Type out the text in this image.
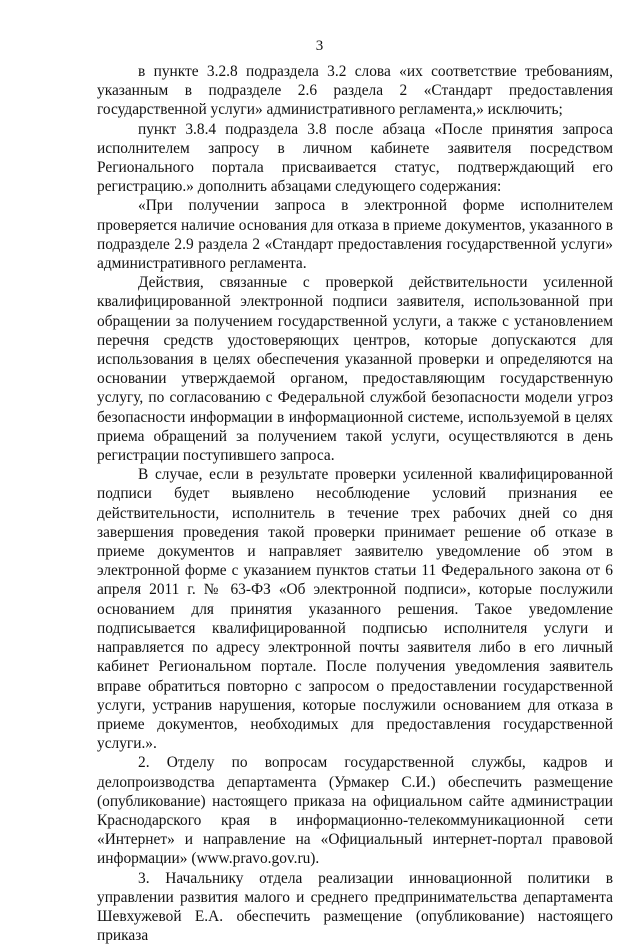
3

в пункте 3.2.8 подраздела 3.2 слова «их соответствие требованиям, указанным в подразделе 2.6 раздела 2 «Стандарт предоставления государственной услуги» административного регламента,» исключить;

пункт 3.8.4 подраздела 3.8 после абзаца «После принятия запроса исполнителем запросу в личном кабинете заявителя посредством Регионального портала присваивается статус, подтверждающий его регистрацию.» дополнить абзацами следующего содержания:

«При получении запроса в электронной форме исполнителем проверяется наличие основания для отказа в приеме документов, указанного в подразделе 2.9 раздела 2 «Стандарт предоставления государственной услуги» административного регламента.

Действия, связанные с проверкой действительности усиленной квалифицированной электронной подписи заявителя, использованной при обращении за получением государственной услуги, а также с установлением перечня средств удостоверяющих центров, которые допускаются для использования в целях обеспечения указанной проверки и определяются на основании утверждаемой органом, предоставляющим государственную услугу, по согласованию с Федеральной службой безопасности модели угроз безопасности информации в информационной системе, используемой в целях приема обращений за получением такой услуги, осуществляются в день регистрации поступившего запроса.

В случае, если в результате проверки усиленной квалифицированной подписи будет выявлено несоблюдение условий признания ее действительности, исполнитель в течение трех рабочих дней со дня завершения проведения такой проверки принимает решение об отказе в приеме документов и направляет заявителю уведомление об этом в электронной форме с указанием пунктов статьи 11 Федерального закона от 6 апреля 2011 г. № 63-ФЗ «Об электронной подписи», которые послужили основанием для принятия указанного решения. Такое уведомление подписывается квалифицированной подписью исполнителя услуги и направляется по адресу электронной почты заявителя либо в его личный кабинет Региональном портале. После получения уведомления заявитель вправе обратиться повторно с запросом о предоставлении государственной услуги, устранив нарушения, которые послужили основанием для отказа в приеме документов, необходимых для предоставления государственной услуги.».

2. Отделу по вопросам государственной службы, кадров и делопроизводства департамента (Урмакер С.И.) обеспечить размещение (опубликование) настоящего приказа на официальном сайте администрации Краснодарского края в информационно-телекоммуникационной сети «Интернет» и направление на «Официальный интернет-портал правовой информации» (www.pravo.gov.ru).

3. Начальнику отдела реализации инновационной политики в управлении развития малого и среднего предпринимательства департамента Шевхужевой Е.А. обеспечить размещение (опубликование) настоящего приказа
